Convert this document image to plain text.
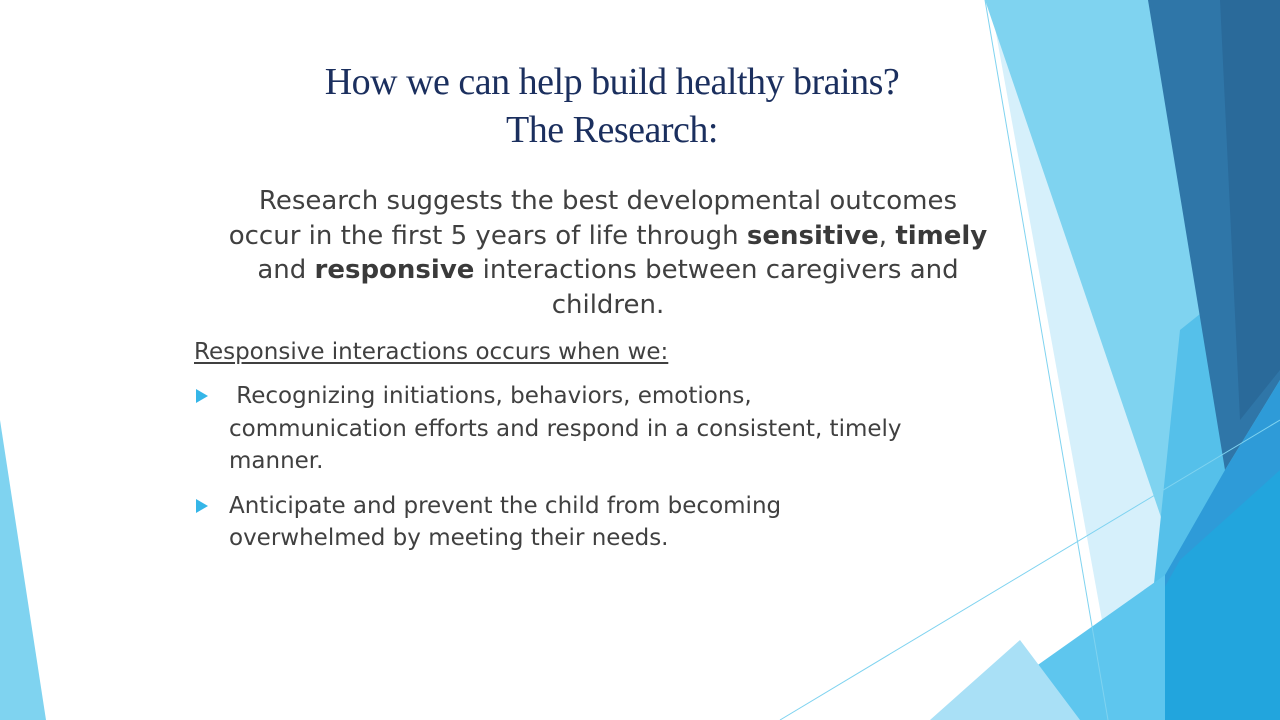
How we can help build healthy brains?
The Research:
Research suggests the best developmental outcomes
occur in the first 5 years of life through sensitive, timely
and responsive interactions between caregivers and
children.
Responsive interactions occurs when we:
Recognizing initiations, behaviors, emotions,
communication efforts and respond in a consistent, timely
manner.
Anticipate and prevent the child from becoming
overwhelmed by meeting their needs.
